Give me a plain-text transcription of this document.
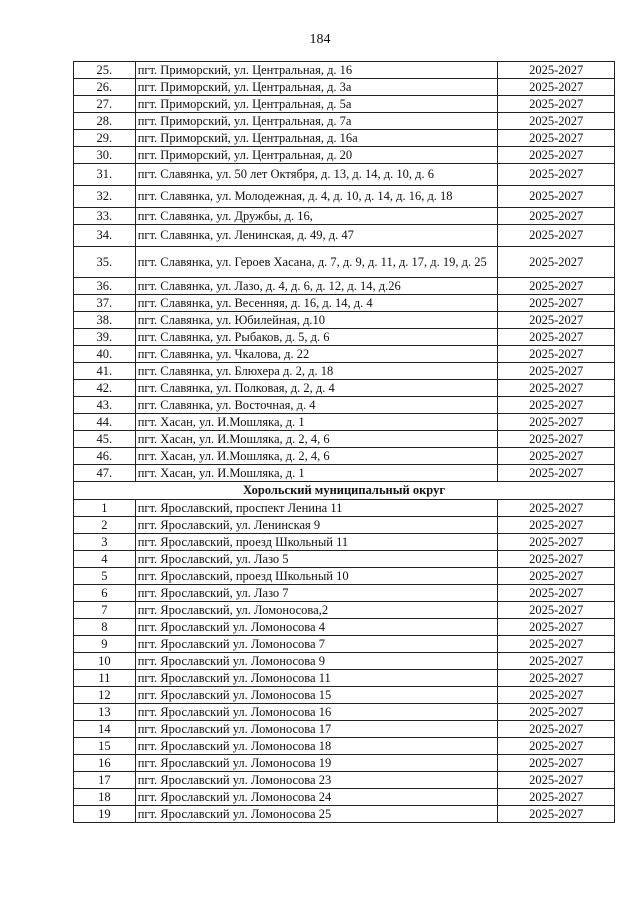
184
25.	пгт. Приморский, ул. Центральная, д. 16	2025-2027
26.	пгт. Приморский, ул. Центральная, д. 3а	2025-2027
27.	пгт. Приморский, ул. Центральная, д. 5а	2025-2027
28.	пгт. Приморский, ул. Центральная, д. 7а	2025-2027
29.	пгт. Приморский, ул. Центральная, д. 16а	2025-2027
30.	пгт. Приморский, ул. Центральная, д. 20	2025-2027
31.	пгт. Славянка, ул. 50 лет Октября, д. 13, д. 14, д. 10, д. 6	2025-2027
32.	пгт. Славянка, ул. Молодежная, д. 4, д. 10, д. 14, д. 16, д. 18	2025-2027
33.	пгт. Славянка, ул. Дружбы, д. 16,	2025-2027
34.	пгт. Славянка, ул. Ленинская, д. 49, д. 47	2025-2027
35.	пгт. Славянка, ул. Героев Хасана, д. 7, д. 9, д. 11, д. 17, д. 19, д. 25	2025-2027
36.	пгт. Славянка, ул. Лазо, д. 4, д. 6, д. 12, д. 14, д.26	2025-2027
37.	пгт. Славянка, ул. Весенняя, д. 16, д. 14, д. 4	2025-2027
38.	пгт. Славянка, ул. Юбилейная, д.10	2025-2027
39.	пгт. Славянка, ул. Рыбаков, д. 5, д. 6	2025-2027
40.	пгт. Славянка, ул. Чкалова, д. 22	2025-2027
41.	пгт. Славянка, ул. Блюхера д. 2, д. 18	2025-2027
42.	пгт. Славянка, ул. Полковая, д. 2, д. 4	2025-2027
43.	пгт. Славянка, ул. Восточная, д. 4	2025-2027
44.	пгт. Хасан, ул. И.Мошляка, д. 1	2025-2027
45.	пгт. Хасан, ул. И.Мошляка, д. 2, 4, 6	2025-2027
46.	пгт. Хасан, ул. И.Мошляка, д. 2, 4, 6	2025-2027
47.	пгт. Хасан, ул. И.Мошляка, д. 1	2025-2027
Хорольский муниципальный округ		
1	пгт. Ярославский, проспект Ленина 11	2025-2027
2	пгт. Ярославский, ул. Ленинская 9	2025-2027
3	пгт. Ярославский, проезд Школьный 11	2025-2027
4	пгт. Ярославский, ул. Лазо 5	2025-2027
5	пгт. Ярославский, проезд Школьный 10	2025-2027
6	пгт. Ярославский, ул. Лазо 7	2025-2027
7	пгт. Ярославский, ул. Ломоносова,2	2025-2027
8	пгт. Ярославский ул. Ломоносова 4	2025-2027
9	пгт. Ярославский ул. Ломоносова 7	2025-2027
10	пгт. Ярославский ул. Ломоносова 9	2025-2027
11	пгт. Ярославский ул. Ломоносова 11	2025-2027
12	пгт. Ярославский ул. Ломоносова 15	2025-2027
13	пгт. Ярославский ул. Ломоносова 16	2025-2027
14	пгт. Ярославский ул. Ломоносова 17	2025-2027
15	пгт. Ярославский ул. Ломоносова 18	2025-2027
16	пгт. Ярославский ул. Ломоносова 19	2025-2027
17	пгт. Ярославский ул. Ломоносова 23	2025-2027
18	пгт. Ярославский ул. Ломоносова 24	2025-2027
19	пгт. Ярославский ул. Ломоносова 25	2025-2027
